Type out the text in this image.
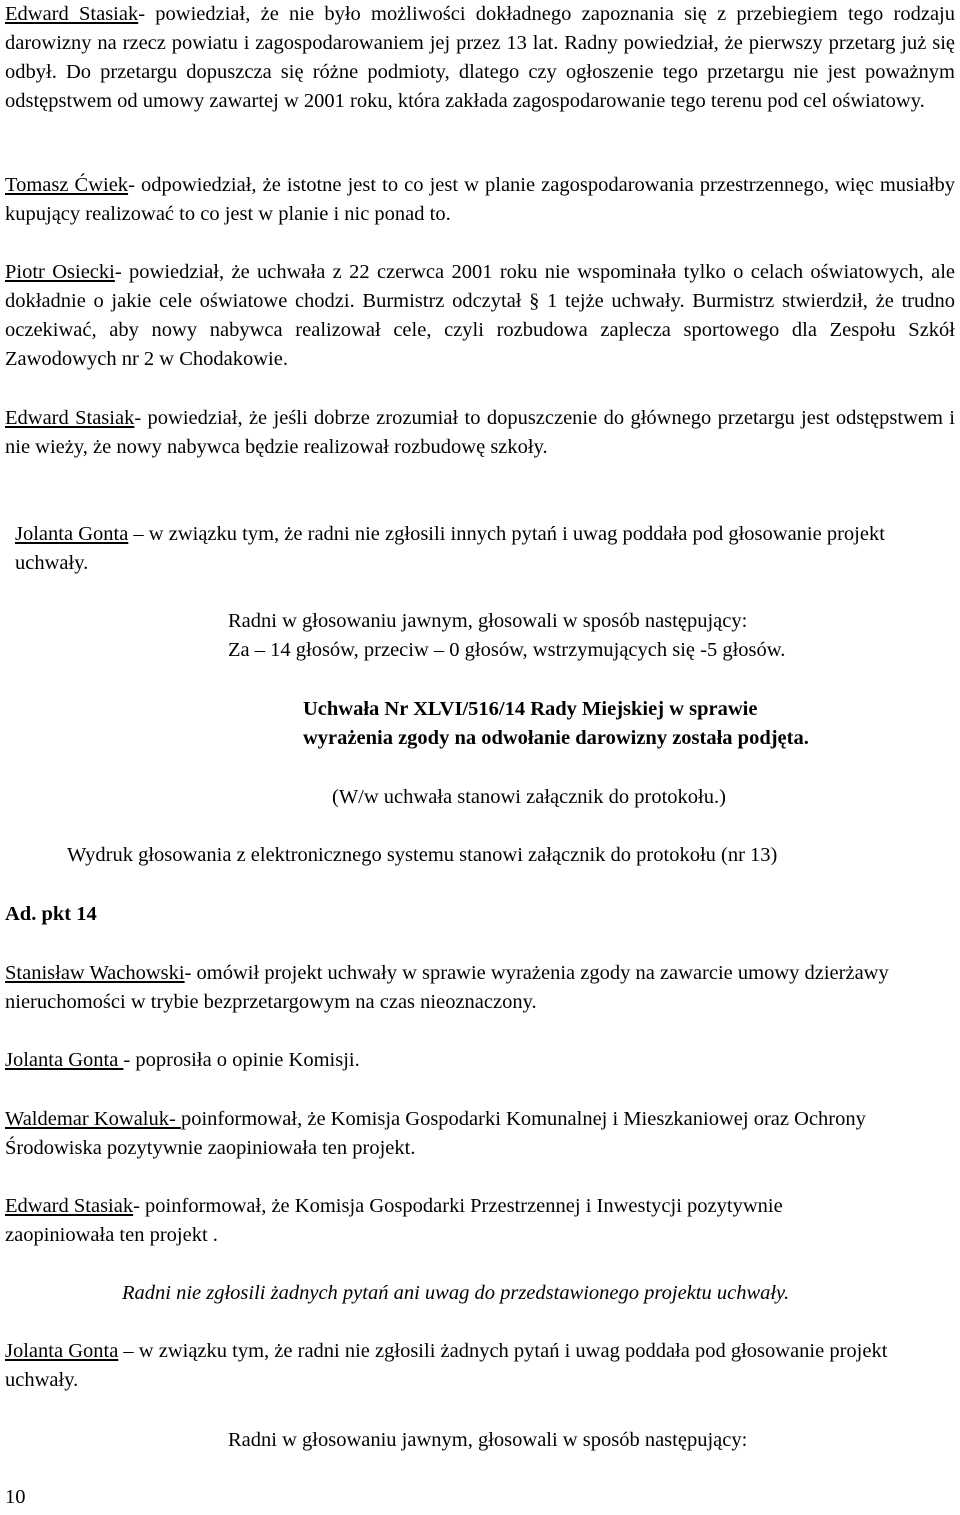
Edward Stasiak- powiedział, że nie było możliwości dokładnego zapoznania się z przebiegiem tego rodzaju darowizny na rzecz powiatu i zagospodarowaniem jej przez 13 lat. Radny powiedział, że pierwszy przetarg już się odbył. Do przetargu dopuszcza się różne podmioty, dlatego czy ogłoszenie tego przetargu nie jest poważnym odstępstwem od umowy zawartej w 2001 roku, która zakłada zagospodarowanie tego terenu pod cel oświatowy.

Tomasz Ćwiek- odpowiedział, że istotne jest to co jest w planie zagospodarowania przestrzennego, więc musiałby kupujący realizować to co jest w planie i nic ponad to.

Piotr Osiecki- powiedział, że uchwała z 22 czerwca 2001 roku nie wspominała tylko o celach oświatowych, ale dokładnie o jakie cele oświatowe chodzi. Burmistrz odczytał § 1 tejże uchwały. Burmistrz stwierdził, że trudno oczekiwać, aby nowy nabywca realizował cele, czyli rozbudowa zaplecza sportowego dla Zespołu Szkół Zawodowych nr 2 w Chodakowie.

Edward Stasiak- powiedział, że jeśli dobrze zrozumiał to dopuszczenie do głównego przetargu jest odstępstwem i nie wieży, że nowy nabywca będzie realizował rozbudowę szkoły.

Jolanta Gonta – w związku tym, że radni nie zgłosili innych pytań i uwag poddała pod głosowanie projekt uchwały.

Radni w głosowaniu jawnym, głosowali w sposób następujący:
Za – 14 głosów, przeciw – 0 głosów, wstrzymujących się -5 głosów.
Uchwała Nr XLVI/516/14 Rady Miejskiej w sprawie
wyrażenia zgody na odwołanie darowizny została podjęta.
(W/w uchwała stanowi załącznik do protokołu.)
Wydruk głosowania z elektronicznego systemu stanowi załącznik do protokołu (nr 13)
Ad. pkt 14

Stanisław Wachowski- omówił projekt uchwały w sprawie wyrażenia zgody na zawarcie umowy dzierżawy nieruchomości w trybie bezprzetargowym na czas nieoznaczony.

Jolanta Gonta - poprosiła o opinie Komisji.

Waldemar Kowaluk- poinformował, że Komisja Gospodarki Komunalnej i Mieszkaniowej oraz Ochrony Środowiska pozytywnie zaopiniowała ten projekt.

Edward Stasiak- poinformował, że Komisja Gospodarki Przestrzennej i Inwestycji pozytywnie zaopiniowała ten projekt .

Radni nie zgłosili żadnych pytań ani uwag do przedstawionego projektu uchwały.

Jolanta Gonta – w związku tym, że radni nie zgłosili żadnych pytań i uwag poddała pod głosowanie projekt uchwały.

Radni w głosowaniu jawnym, głosowali w sposób następujący:
10
